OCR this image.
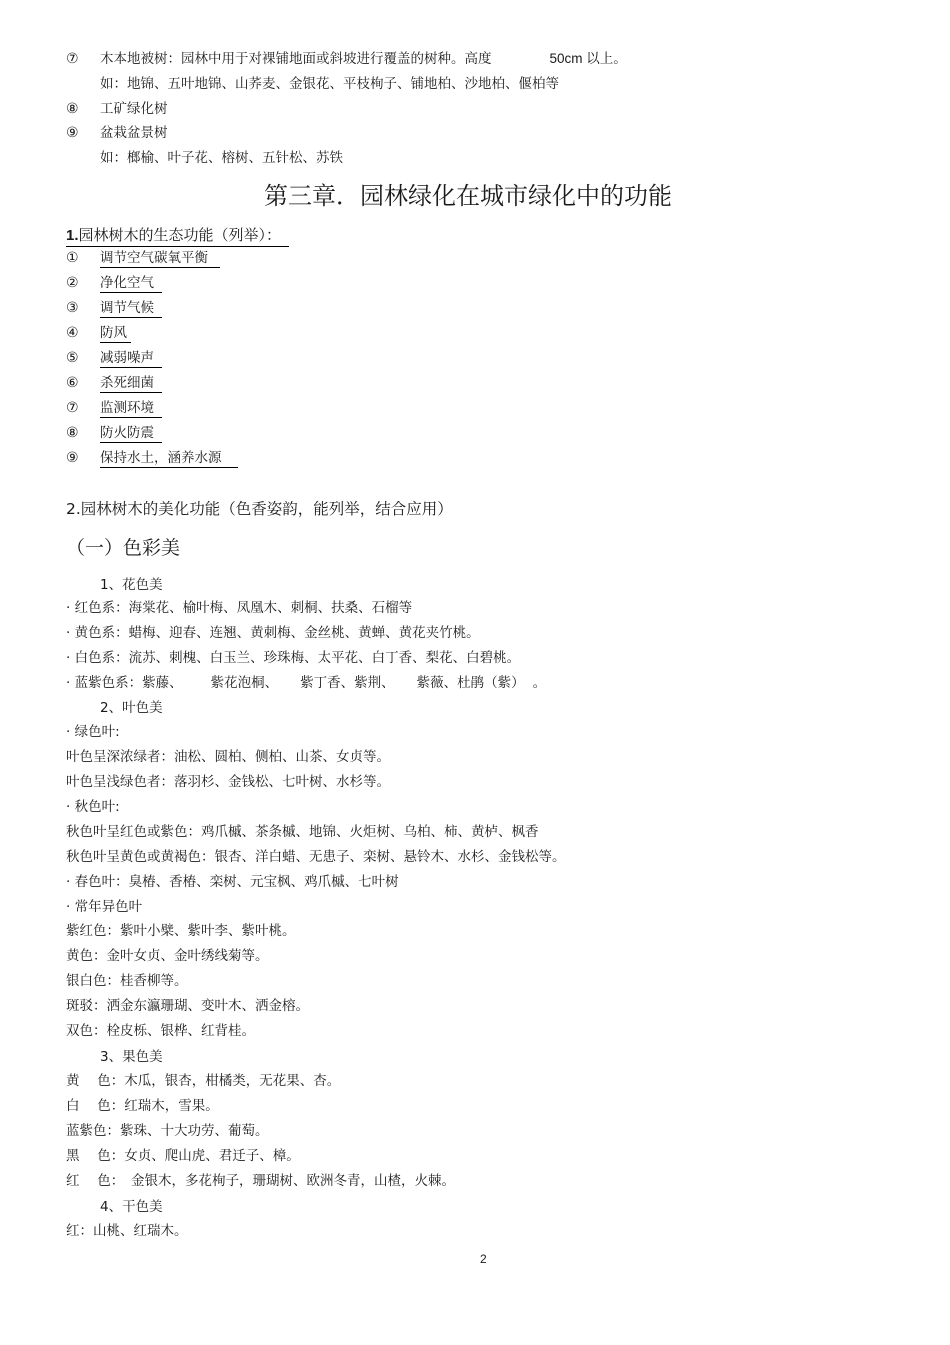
⑦ 木本地被树：园林中用于对裸铺地面或斜坡进行覆盖的树种。高度	50cm 以上。
如：地锦、五叶地锦、山荞麦、金银花、平枝栒子、铺地柏、沙地柏、偃柏等
⑧ 工矿绿化树
⑨ 盆栽盆景树
如：榔榆、叶子花、榕树、五针松、苏铁
第三章．园林绿化在城市绿化中的功能
1.园林树木的生态功能（列举）：
① 调节空气碳氧平衡
② 净化空气
③ 调节气候
④ 防风
⑤ 减弱噪声
⑥ 杀死细菌
⑦ 监测环境
⑧ 防火防震
⑨ 保持水土，涵养水源
2.园林树木的美化功能（色香姿韵，能列举，结合应用）
（一）色彩美
1、花色美
· 红色系：海棠花、榆叶梅、凤凰木、刺桐、扶桑、石榴等
· 黄色系：蜡梅、迎春、连翘、黄刺梅、金丝桃、黄蝉、黄花夹竹桃。
· 白色系：流苏、刺槐、白玉兰、珍珠梅、太平花、白丁香、梨花、白碧桃。
· 蓝紫色系：紫藤、 紫花泡桐、 紫丁香、紫荆、 紫薇、杜鹃（紫） 。
2、叶色美
· 绿色叶:
叶色呈深浓绿者：油松、圆柏、侧柏、山茶、女贞等。
叶色呈浅绿色者：落羽杉、金钱松、七叶树、水杉等。
· 秋色叶:
秋色叶呈红色或紫色：鸡爪槭、茶条槭、地锦、火炬树、乌柏、柿、黄栌、枫香
秋色叶呈黄色或黄褐色：银杏、洋白蜡、无患子、栾树、悬铃木、水杉、金钱松等。
· 春色叶：臭椿、香椿、栾树、元宝枫、鸡爪槭、七叶树
· 常年异色叶
紫红色：紫叶小檗、紫叶李、紫叶桃。
黄色：金叶女贞、金叶绣线菊等。
银白色：桂香柳等。
斑驳：洒金东瀛珊瑚、变叶木、洒金榕。
双色：栓皮栎、银桦、红背桂。
3、果色美
黄　 色：木瓜，银杏，柑橘类，无花果、杏。
白　 色：红瑞木，雪果。
蓝紫色：紫珠、十大功劳、葡萄。
黑　 色：女贞、爬山虎、君迁子、樟。
红　 色：　金银木，多花栒子，珊瑚树、欧洲冬青，山楂，火棘。
4、干色美
红：山桃、红瑞木。
2
